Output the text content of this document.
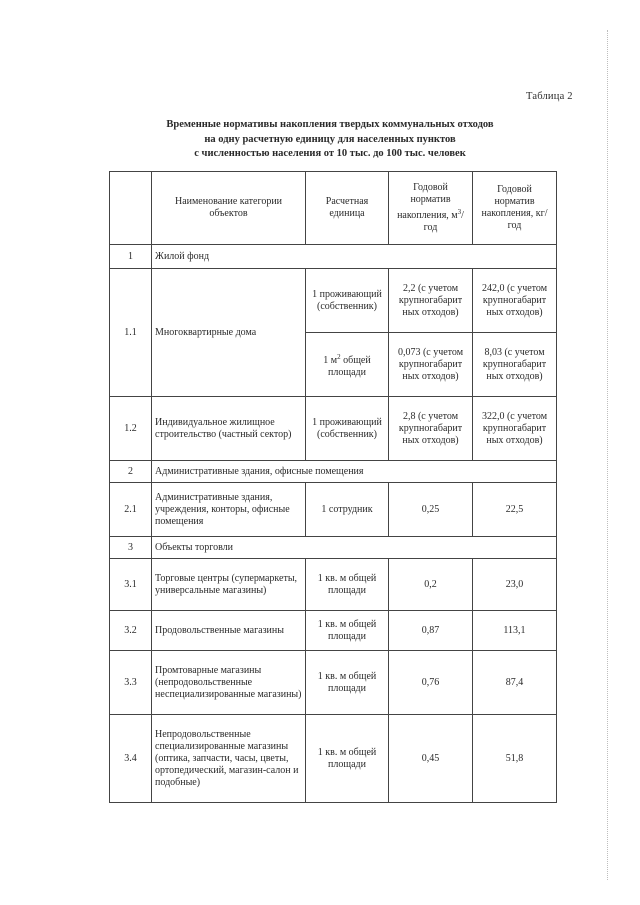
Таблица 2
Временные нормативы накопления твердых коммунальных отходов
на одну расчетную единицу для населенных пунктов
с численностью населения от 10 тыс. до 100 тыс. человек
	Наименование категории объектов	Расчетная единица	Годовой норматив накопления, $м^3$/год	Годовой норматив накопления, кг/год
1	Жилой фонд			
1.1	Многоквартирные дома	1 проживающий (собственник)	2,2 (с учетом крупногабарит ных отходов)	242,0 (с учетом крупногабарит ных отходов)
		1 $м^2$ общей площади	0,073 (с учетом крупногабарит ных отходов)	8,03 (с учетом крупногабарит ных отходов)
1.2	Индивидуальное жилищное строительство (частный сектор)	1 проживающий (собственник)	2,8 (с учетом крупногабарит ных отходов)	322,0 (с учетом крупногабарит ных отходов)
2	Административные здания, офисные помещения			
2.1	Административные здания, учреждения, конторы, офисные помещения	1 сотрудник	0,25	22,5
3	Объекты торговли			
3.1	Торговые центры (супермаркеты, универсальные магазины)	1 кв. м общей площади	0,2	23,0
3.2	Продовольственные магазины	1 кв. м общей площади	0,87	113,1
3.3	Промтоварные магазины (непродовольственные неспециализированные магазины)	1 кв. м общей площади	0,76	87,4
3.4	Непродовольственные специализированные магазины (оптика, запчасти, часы, цветы, ортопедический, магазин-салон и подобные)	1 кв. м общей площади	0,45	51,8
